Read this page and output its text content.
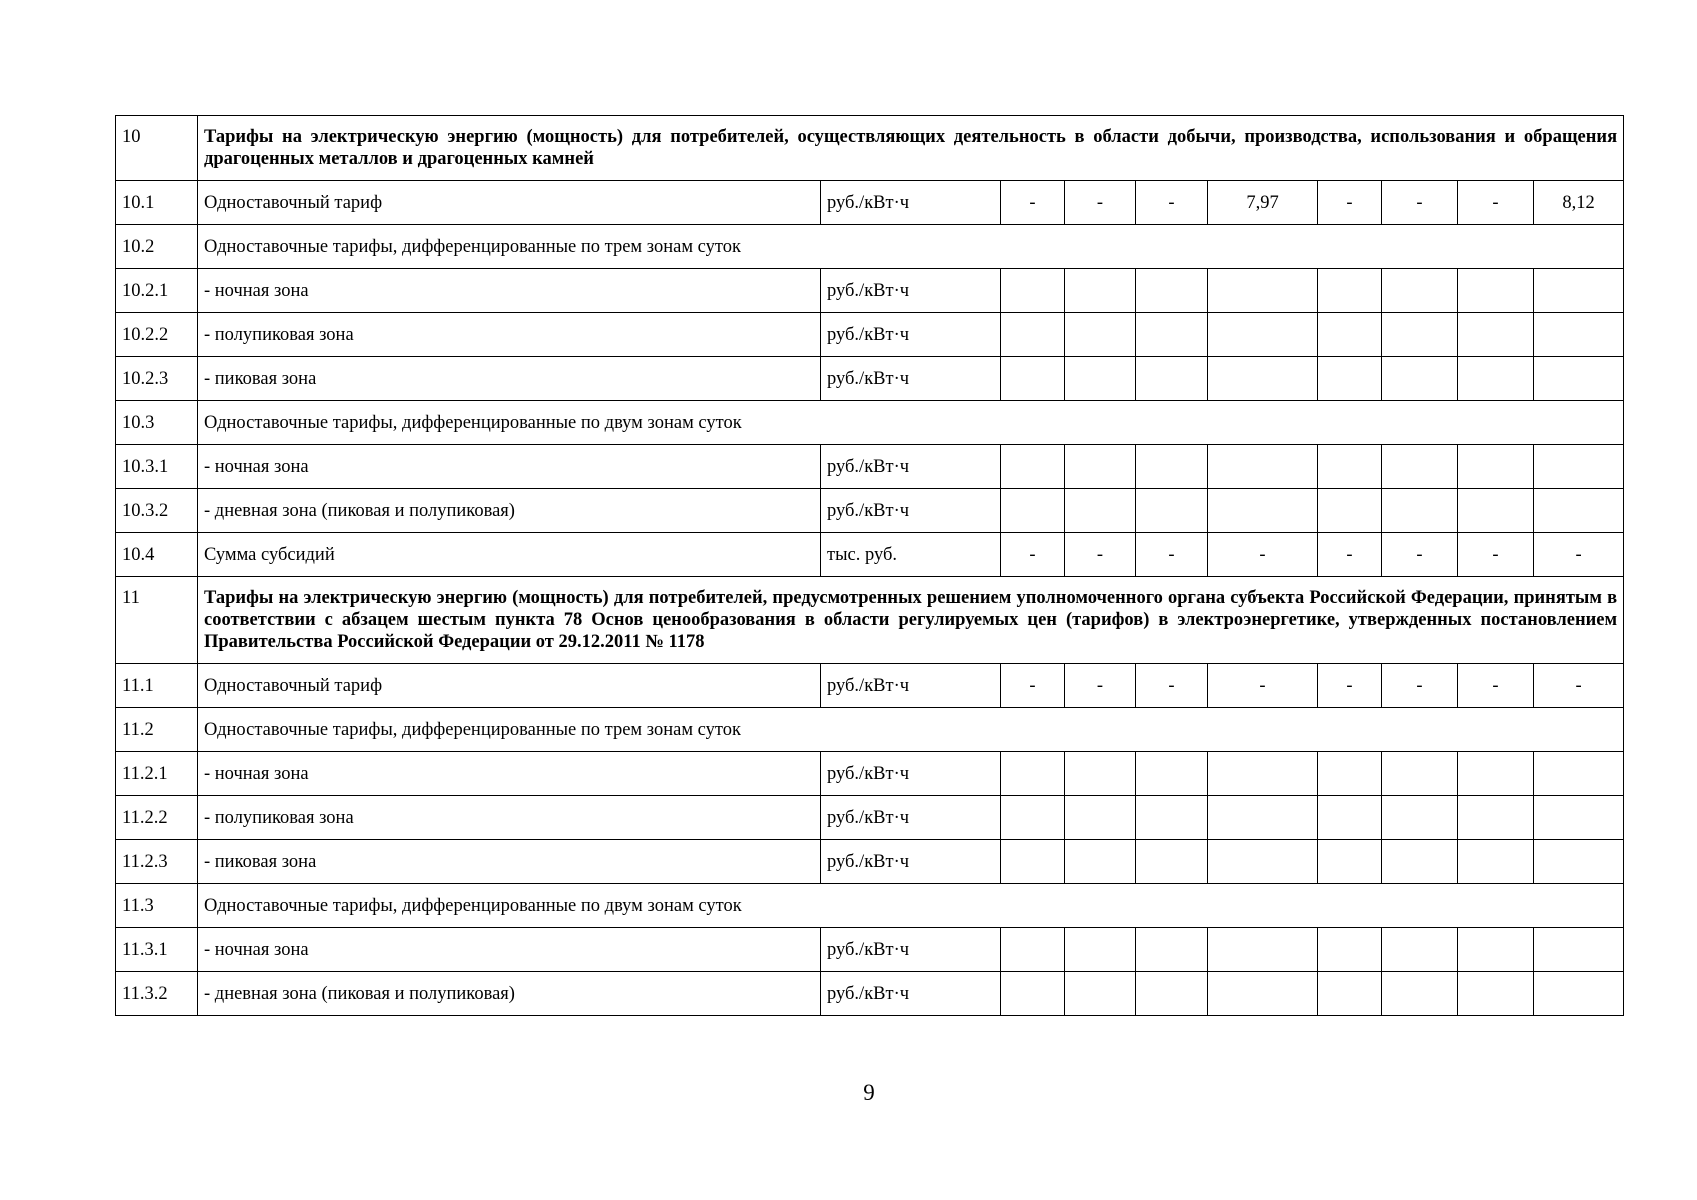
10	Тарифы на электрическую энергию (мощность) для потребителей, осуществляющих деятельность в области добычи, производства, использования и обращения драгоценных металлов и драгоценных камней									
10.1	Одноставочный тариф	руб./кВт·ч	-	-	-	7,97	-	-	-	8,12
10.2	Одноставочные тарифы, дифференцированные по трем зонам суток									
10.2.1	- ночная зона	руб./кВт·ч								
10.2.2	- полупиковая зона	руб./кВт·ч								
10.2.3	- пиковая зона	руб./кВт·ч								
10.3	Одноставочные тарифы, дифференцированные по двум зонам суток									
10.3.1	- ночная зона	руб./кВт·ч								
10.3.2	- дневная зона (пиковая и полупиковая)	руб./кВт·ч								
10.4	Сумма субсидий	тыс. руб.	-	-	-	-	-	-	-	-
11	Тарифы на электрическую энергию (мощность) для потребителей, предусмотренных решением уполномоченного органа субъекта Российской Федерации, принятым в соответствии с абзацем шестым пункта 78 Основ ценообразования в области регулируемых цен (тарифов) в электроэнергетике, утвержденных постановлением Правительства Российской Федерации от 29.12.2011 № 1178									
11.1	Одноставочный тариф	руб./кВт·ч	-	-	-	-	-	-	-	-
11.2	Одноставочные тарифы, дифференцированные по трем зонам суток									
11.2.1	- ночная зона	руб./кВт·ч								
11.2.2	- полупиковая зона	руб./кВт·ч								
11.2.3	- пиковая зона	руб./кВт·ч								
11.3	Одноставочные тарифы, дифференцированные по двум зонам суток									
11.3.1	- ночная зона	руб./кВт·ч								
11.3.2	- дневная зона (пиковая и полупиковая)	руб./кВт·ч								
9
